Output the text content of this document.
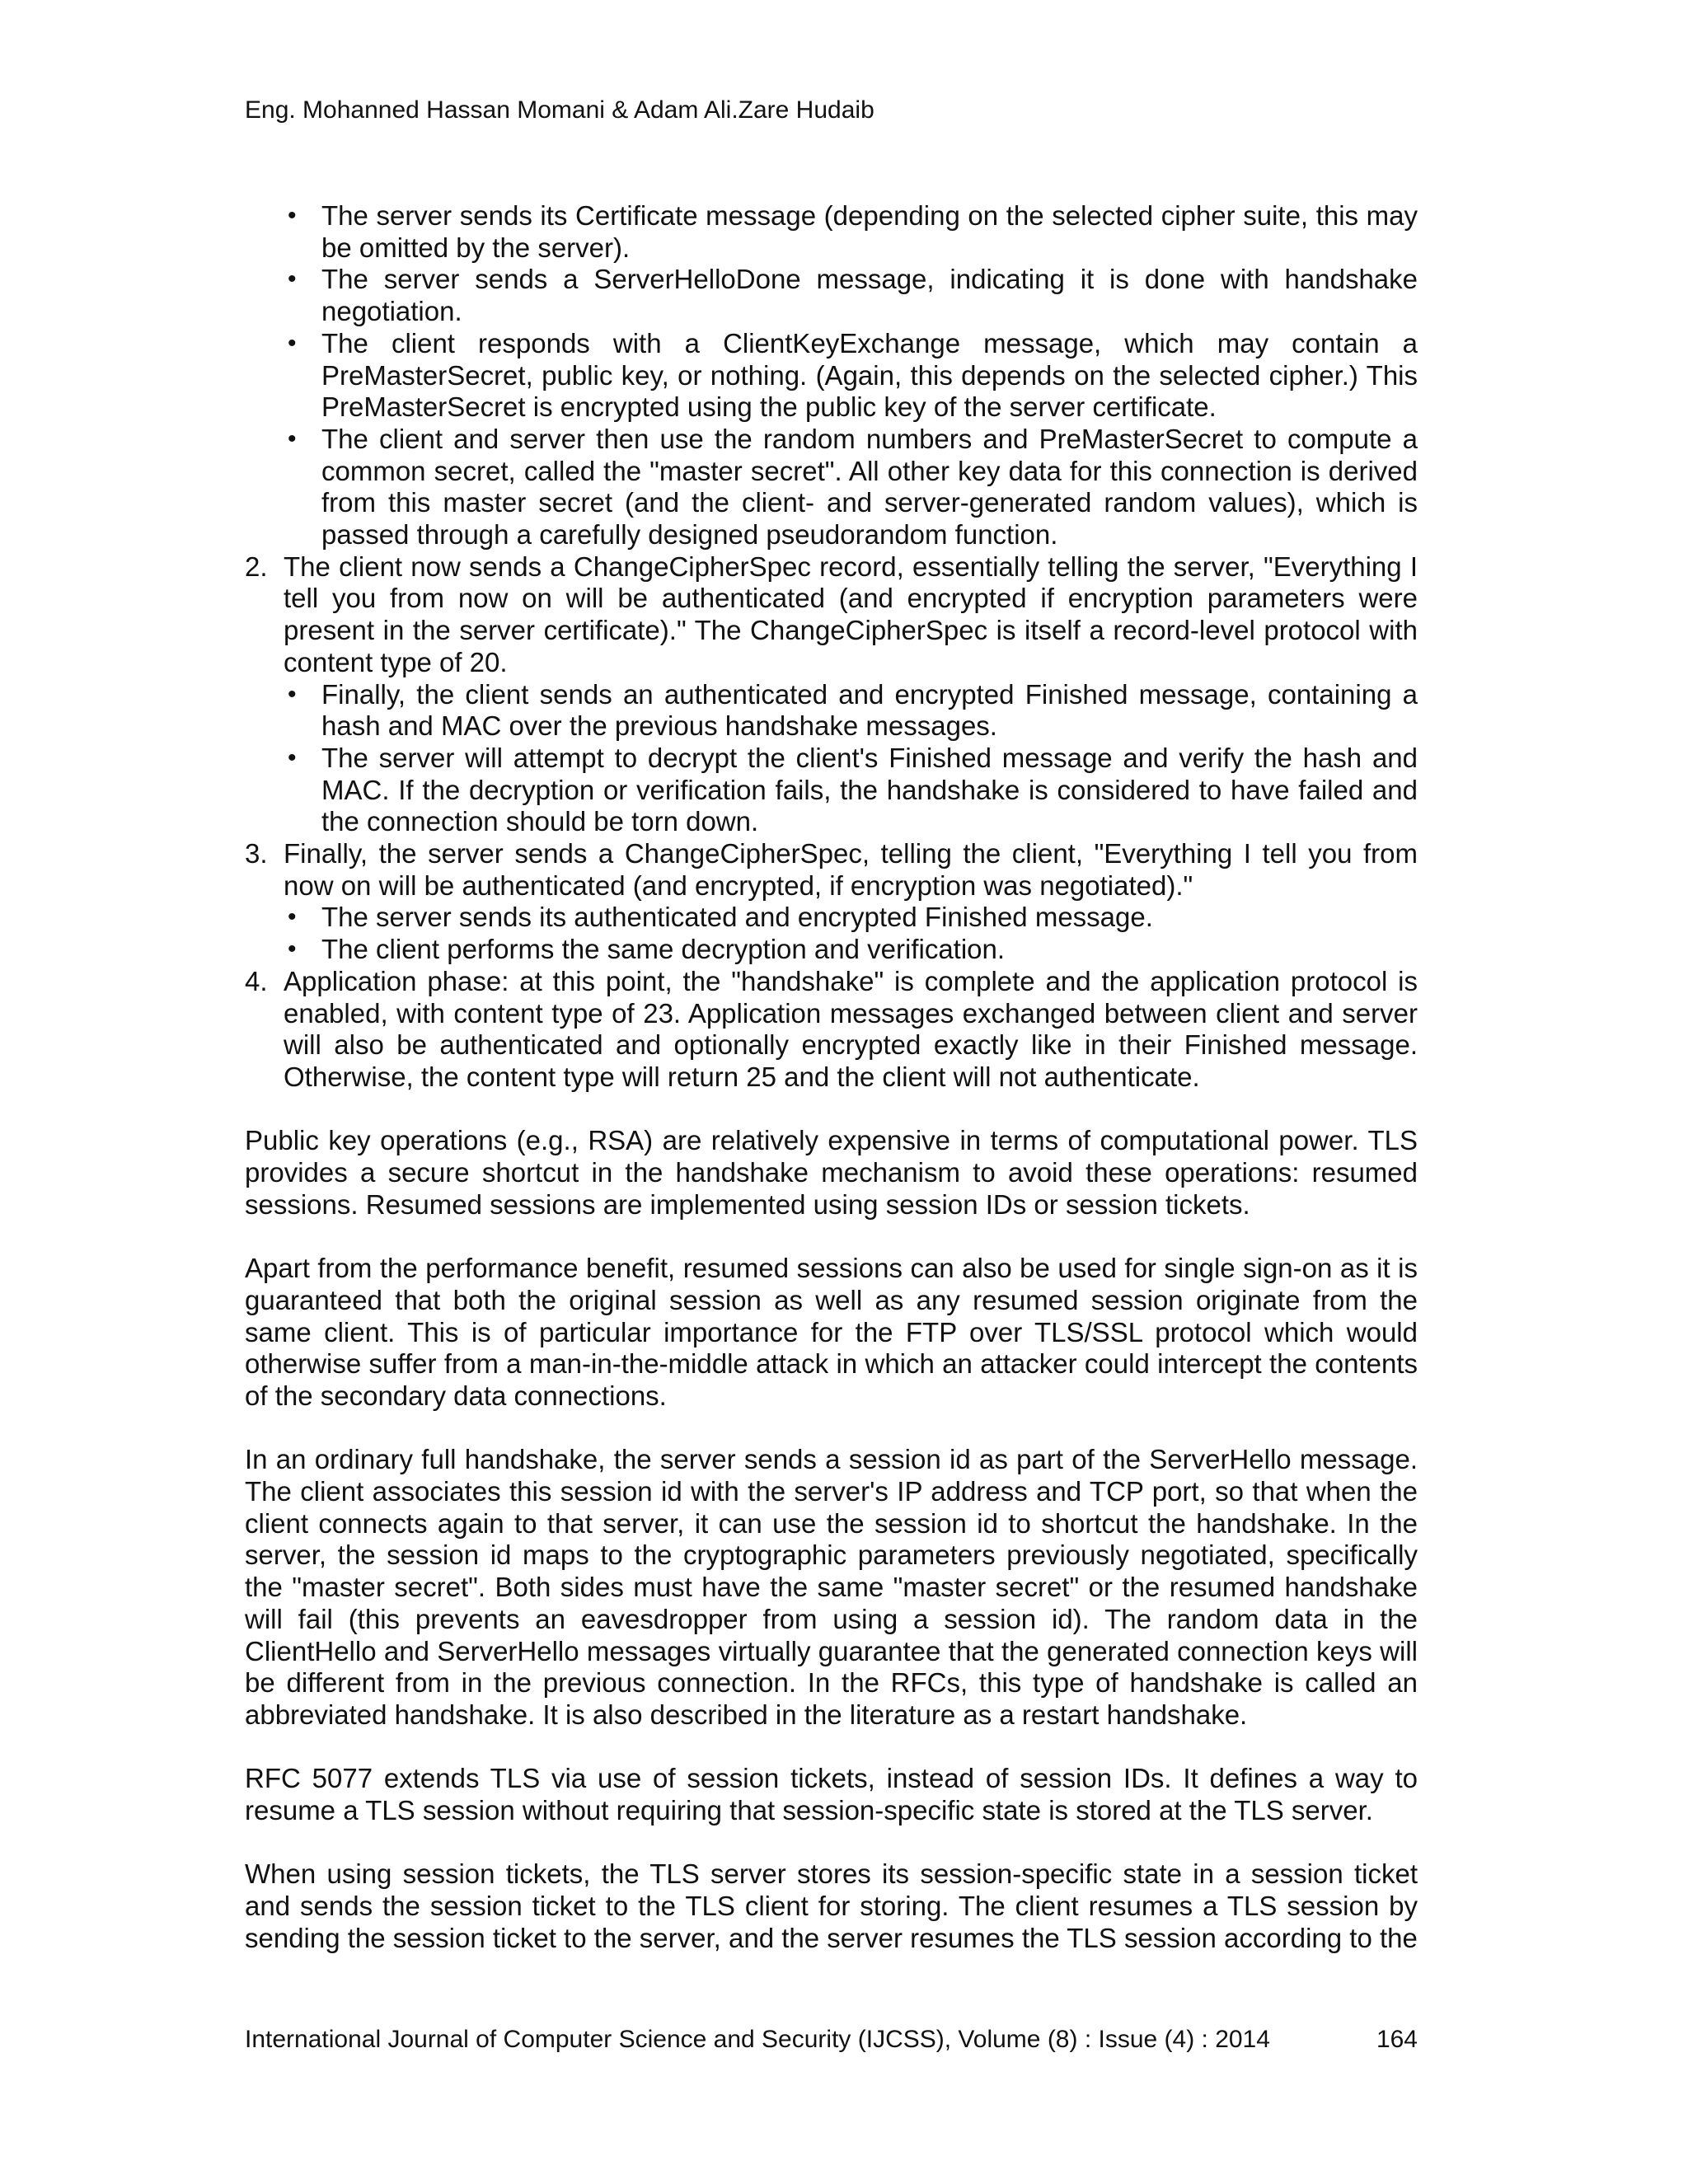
Eng. Mohanned Hassan Momani & Adam Ali.Zare Hudaib
• The server sends its Certificate message (depending on the selected cipher suite, this may be omitted by the server).
• The server sends a ServerHelloDone message, indicating it is done with handshake negotiation.
• The client responds with a ClientKeyExchange message, which may contain a PreMasterSecret, public key, or nothing. (Again, this depends on the selected cipher.) This PreMasterSecret is encrypted using the public key of the server certificate.
• The client and server then use the random numbers and PreMasterSecret to compute a common secret, called the "master secret". All other key data for this connection is derived from this master secret (and the client- and server-generated random values), which is passed through a carefully designed pseudorandom function.
2. The client now sends a ChangeCipherSpec record, essentially telling the server, "Everything I tell you from now on will be authenticated (and encrypted if encryption parameters were present in the server certificate)." The ChangeCipherSpec is itself a record-level protocol with content type of 20.
• Finally, the client sends an authenticated and encrypted Finished message, containing a hash and MAC over the previous handshake messages.
• The server will attempt to decrypt the client's Finished message and verify the hash and MAC. If the decryption or verification fails, the handshake is considered to have failed and the connection should be torn down.
3. Finally, the server sends a ChangeCipherSpec, telling the client, "Everything I tell you from now on will be authenticated (and encrypted, if encryption was negotiated)."
• The server sends its authenticated and encrypted Finished message.
• The client performs the same decryption and verification.
4. Application phase: at this point, the "handshake" is complete and the application protocol is enabled, with content type of 23. Application messages exchanged between client and server will also be authenticated and optionally encrypted exactly like in their Finished message. Otherwise, the content type will return 25 and the client will not authenticate.

Public key operations (e.g., RSA) are relatively expensive in terms of computational power. TLS provides a secure shortcut in the handshake mechanism to avoid these operations: resumed sessions. Resumed sessions are implemented using session IDs or session tickets.

Apart from the performance benefit, resumed sessions can also be used for single sign-on as it is guaranteed that both the original session as well as any resumed session originate from the same client. This is of particular importance for the FTP over TLS/SSL protocol which would otherwise suffer from a man-in-the-middle attack in which an attacker could intercept the contents of the secondary data connections.

In an ordinary full handshake, the server sends a session id as part of the ServerHello message. The client associates this session id with the server's IP address and TCP port, so that when the client connects again to that server, it can use the session id to shortcut the handshake. In the server, the session id maps to the cryptographic parameters previously negotiated, specifically the "master secret". Both sides must have the same "master secret" or the resumed handshake will fail (this prevents an eavesdropper from using a session id). The random data in the ClientHello and ServerHello messages virtually guarantee that the generated connection keys will be different from in the previous connection. In the RFCs, this type of handshake is called an abbreviated handshake. It is also described in the literature as a restart handshake.

RFC 5077 extends TLS via use of session tickets, instead of session IDs. It defines a way to resume a TLS session without requiring that session-specific state is stored at the TLS server.

When using session tickets, the TLS server stores its session-specific state in a session ticket and sends the session ticket to the TLS client for storing. The client resumes a TLS session by sending the session ticket to the server, and the server resumes the TLS session according to the

International Journal of Computer Science and Security (IJCSS), Volume (8) : Issue (4) : 2014	164
